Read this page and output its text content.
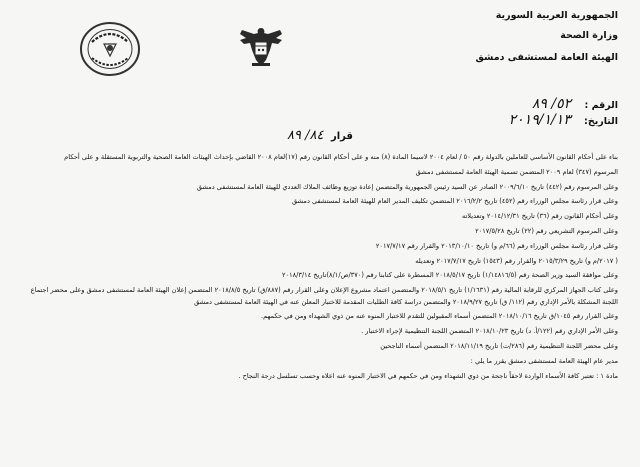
الجمهورية العربية السورية
وزارة الصحة
الهيئة العامة لمستشفى دمشق
الرقم : ٥٢/ ٨٩
التاريخ: ٢٠١٩/١/١٣
قرار ٨٤/ ٨٩
بناء على أحكام القانون الأساسي للعاملين بالدولة رقم ٥٠ / لعام ٢٠٠٤ لاسيما المادة (٨) منه و على أحكام القانون رقم (١٧)لعام ٢٠٠٨ القاضي بإحداث الهيئات العامة الصحية والتربوية المستقلة و على أحكام
المرسوم (٣٤٧) لعام ٢٠٠٩ المتضمن تسمية الهيئة العامة لمستشفى دمشق
وعلى المرسوم رقم (٤٤٢) تاريخ ٢٠٠٩/٦/١٠ الصادر عن السيد رئيس الجمهورية والمتضمن إعادة توزيع وظائف الملاك العددي للهيئة العامة لمستشفى دمشق
وعلى قرار رئاسة مجلس الوزراء رقم (٤٥٢) تاريخ ٢٠١٦/٢/٢ المتضمن تكليف المدير العام للهيئة العامة لمستشفى دمشق
وعلى أحكام القانون رقم (٣٦) تاريخ ٢٠١٤/١٢/٣١ وتعديلاته
وعلى المرسوم التشريعي رقم (٢٢) تاريخ ٢٠١٧/٥/٢٨
وعلى قرار رئاسة مجلس الوزراء رقم (٦٦/م و) تاريخ ٢٠١٣/١٠/١٠ والقرار رقم ٢٠١٧/٧/١٧
( ٢٠١٧/م و) تاريخ ٢٠١٥/٣/٢٩ والقرار رقم (١٥٤٣) تاريخ ٢٠١٧/٧/١٧ وتعديله
وعلى موافقة السيد وزير الصحة رقم (١/١٤٨١٦/٥) تاريخ ٢٠١٨/٥/١٧ المسطرة على كتابنا رقم (٣٧٠/ص/٨/١)تاريخ ٢٠١٨/٣/١٤
وعلى كتاب الجهاز المركزي للرقابة المالية رقم (١/١٦٣١) تاريخ ٢٠١٨/٥/١ والمتضمن اعتماد مشروع الإعلان وعلى القرار رقم (٨٨٧/ق) تاريخ ٢٠١٨/٨/٥ المتضمن إعلان الهيئة العامة لمستشفى دمشق وعلى محضر اجتماع اللجنة المشكلة بالأمر الإداري رقم (١١٢/ ق) تاريخ ٢٠١٨/٩/٢٧ والمتضمن دراسة كافة الطلبات المقدمة للاختبار المعلن عنه في الهيئة العامة لمستشفى دمشق
وعلى القرار رقم ١٠٤٥/ق تاريخ ٢٠١٨/١٠/١٦ المتضمن أسماء المقبولين للتقدم للاختبار المنوه عنه من ذوي الشهداء ومن في حكمهم.
وعلى الأمر الإداري رقم (١٢٢/أ. د) تاريخ ٢٠١٨/١٠/٢٣ المتضمن اللجنة التنظيمية لإجراء الاختبار .
وعلى محضر اللجنة التنظيمية رقم (٢٨٦/ت) تاريخ ٢٠١٨/١١/١٩ المتضمن أسماء الناجحين
مدير عام الهيئة العامة لمستشفى دمشق يقرر ما يلي :
مادة ١ : تعتبر كافة الأسماء الواردة لاحقاً ناجحة من ذوي الشهداء ومن في حكمهم في الاختبار المنوه عنه اعلاه وحسب تسلسل درجة النجاح .
